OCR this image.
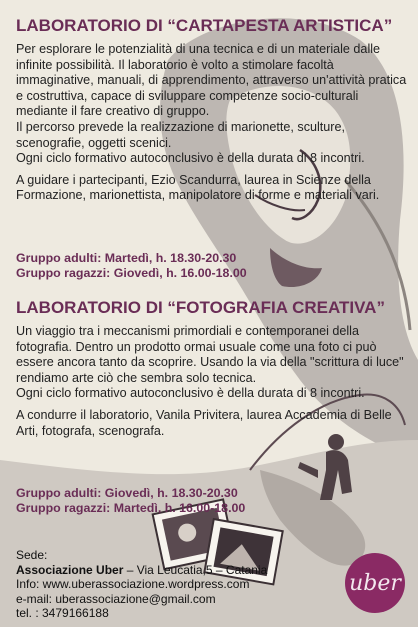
LABORATORIO DI “CARTAPESTA ARTISTICA”

Per esplorare le potenzialità di una tecnica e di un materiale dalle infinite possibilità. Il laboratorio è volto a stimolare facoltà immaginative, manuali, di apprendimento, attraverso un'attività pratica e costruttiva, capace di sviluppare competenze socio-culturali mediante il fare creativo di gruppo.

Il percorso prevede la realizzazione di marionette, sculture, scenografie, oggetti scenici.

Ogni ciclo formativo autoconclusivo è della durata di 8 incontri.

A guidare i partecipanti, Ezio Scandurra, laurea in Scienze della Formazione, marionettista, manipolatore di forme e materiali vari.

Gruppo adulti: Martedì, h. 18.30-20.30
Gruppo ragazzi: Giovedì, h. 16.00-18.00
LABORATORIO DI “FOTOGRAFIA CREATIVA”

Un viaggio tra i meccanismi primordiali e contemporanei della fotografia. Dentro un prodotto ormai usuale come una foto ci può essere ancora tanto da scoprire. Usando la via della "scrittura di luce" rendiamo arte ciò che sembra solo tecnica.

Ogni ciclo formativo autoconclusivo è della durata di 8 incontri.

A condurre il laboratorio, Vanila Privitera, laurea Accademia di Belle Arti, fotografa, scenografa.

Gruppo adulti: Giovedì, h. 18.30-20.30
Gruppo ragazzi: Martedì, h. 16.00-18.00
Sede:
Associazione Uber – Via Leucatia,5 – Catania
Info: www.uberassociazione.wordpress.com
e-mail: uberassociazione@gmail.com
tel. : 3479166188
uber
